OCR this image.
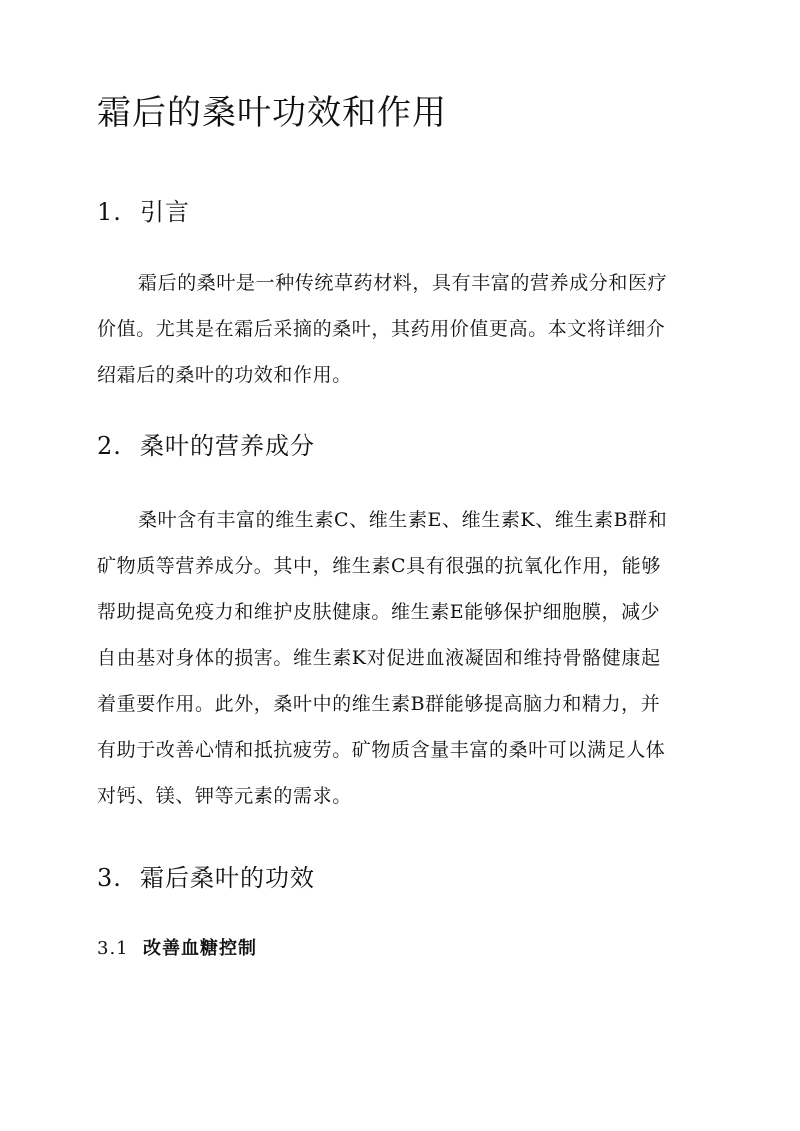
霜后的桑叶功效和作用
1. 引言
霜后的桑叶是一种传统草药材料，具有丰富的营养成分和医疗
价值。尤其是在霜后采摘的桑叶，其药用价值更高。本文将详细介
绍霜后的桑叶的功效和作用。
2. 桑叶的营养成分
桑叶含有丰富的维生素C、维生素E、维生素K、维生素B群和
矿物质等营养成分。其中，维生素C具有很强的抗氧化作用，能够
帮助提高免疫力和维护皮肤健康。维生素E能够保护细胞膜，减少
自由基对身体的损害。维生素K对促进血液凝固和维持骨骼健康起
着重要作用。此外，桑叶中的维生素B群能够提高脑力和精力，并
有助于改善心情和抵抗疲劳。矿物质含量丰富的桑叶可以满足人体
对钙、镁、钾等元素的需求。
3. 霜后桑叶的功效
3.1 改善血糖控制
